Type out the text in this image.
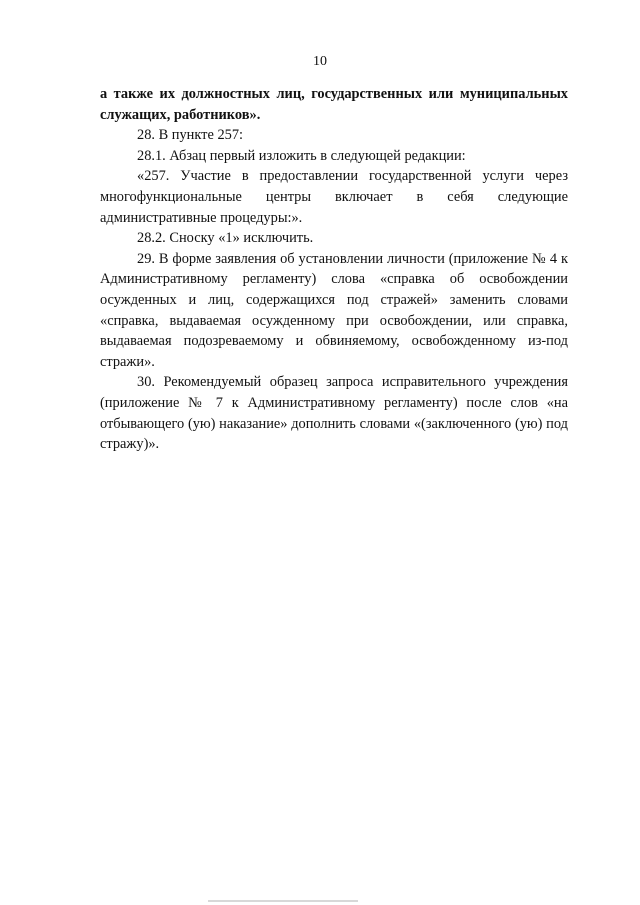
10

а также их должностных лиц, государственных или муниципальных служащих, работников».

28. В пункте 257:

28.1. Абзац первый изложить в следующей редакции:

«257. Участие в предоставлении государственной услуги через многофункциональные центры включает в себя следующие административные процедуры:».

28.2. Сноску «1» исключить.

29. В форме заявления об установлении личности (приложение № 4 к Административному регламенту) слова «справка об освобождении осужденных и лиц, содержащихся под стражей» заменить словами «справка, выдаваемая осужденному при освобождении, или справка, выдаваемая подозреваемому и обвиняемому, освобожденному из-под стражи».

30. Рекомендуемый образец запроса исправительного учреждения (приложение № 7 к Административному регламенту) после слов «на отбывающего (ую) наказание» дополнить словами «(заключенного (ую) под стражу)».
